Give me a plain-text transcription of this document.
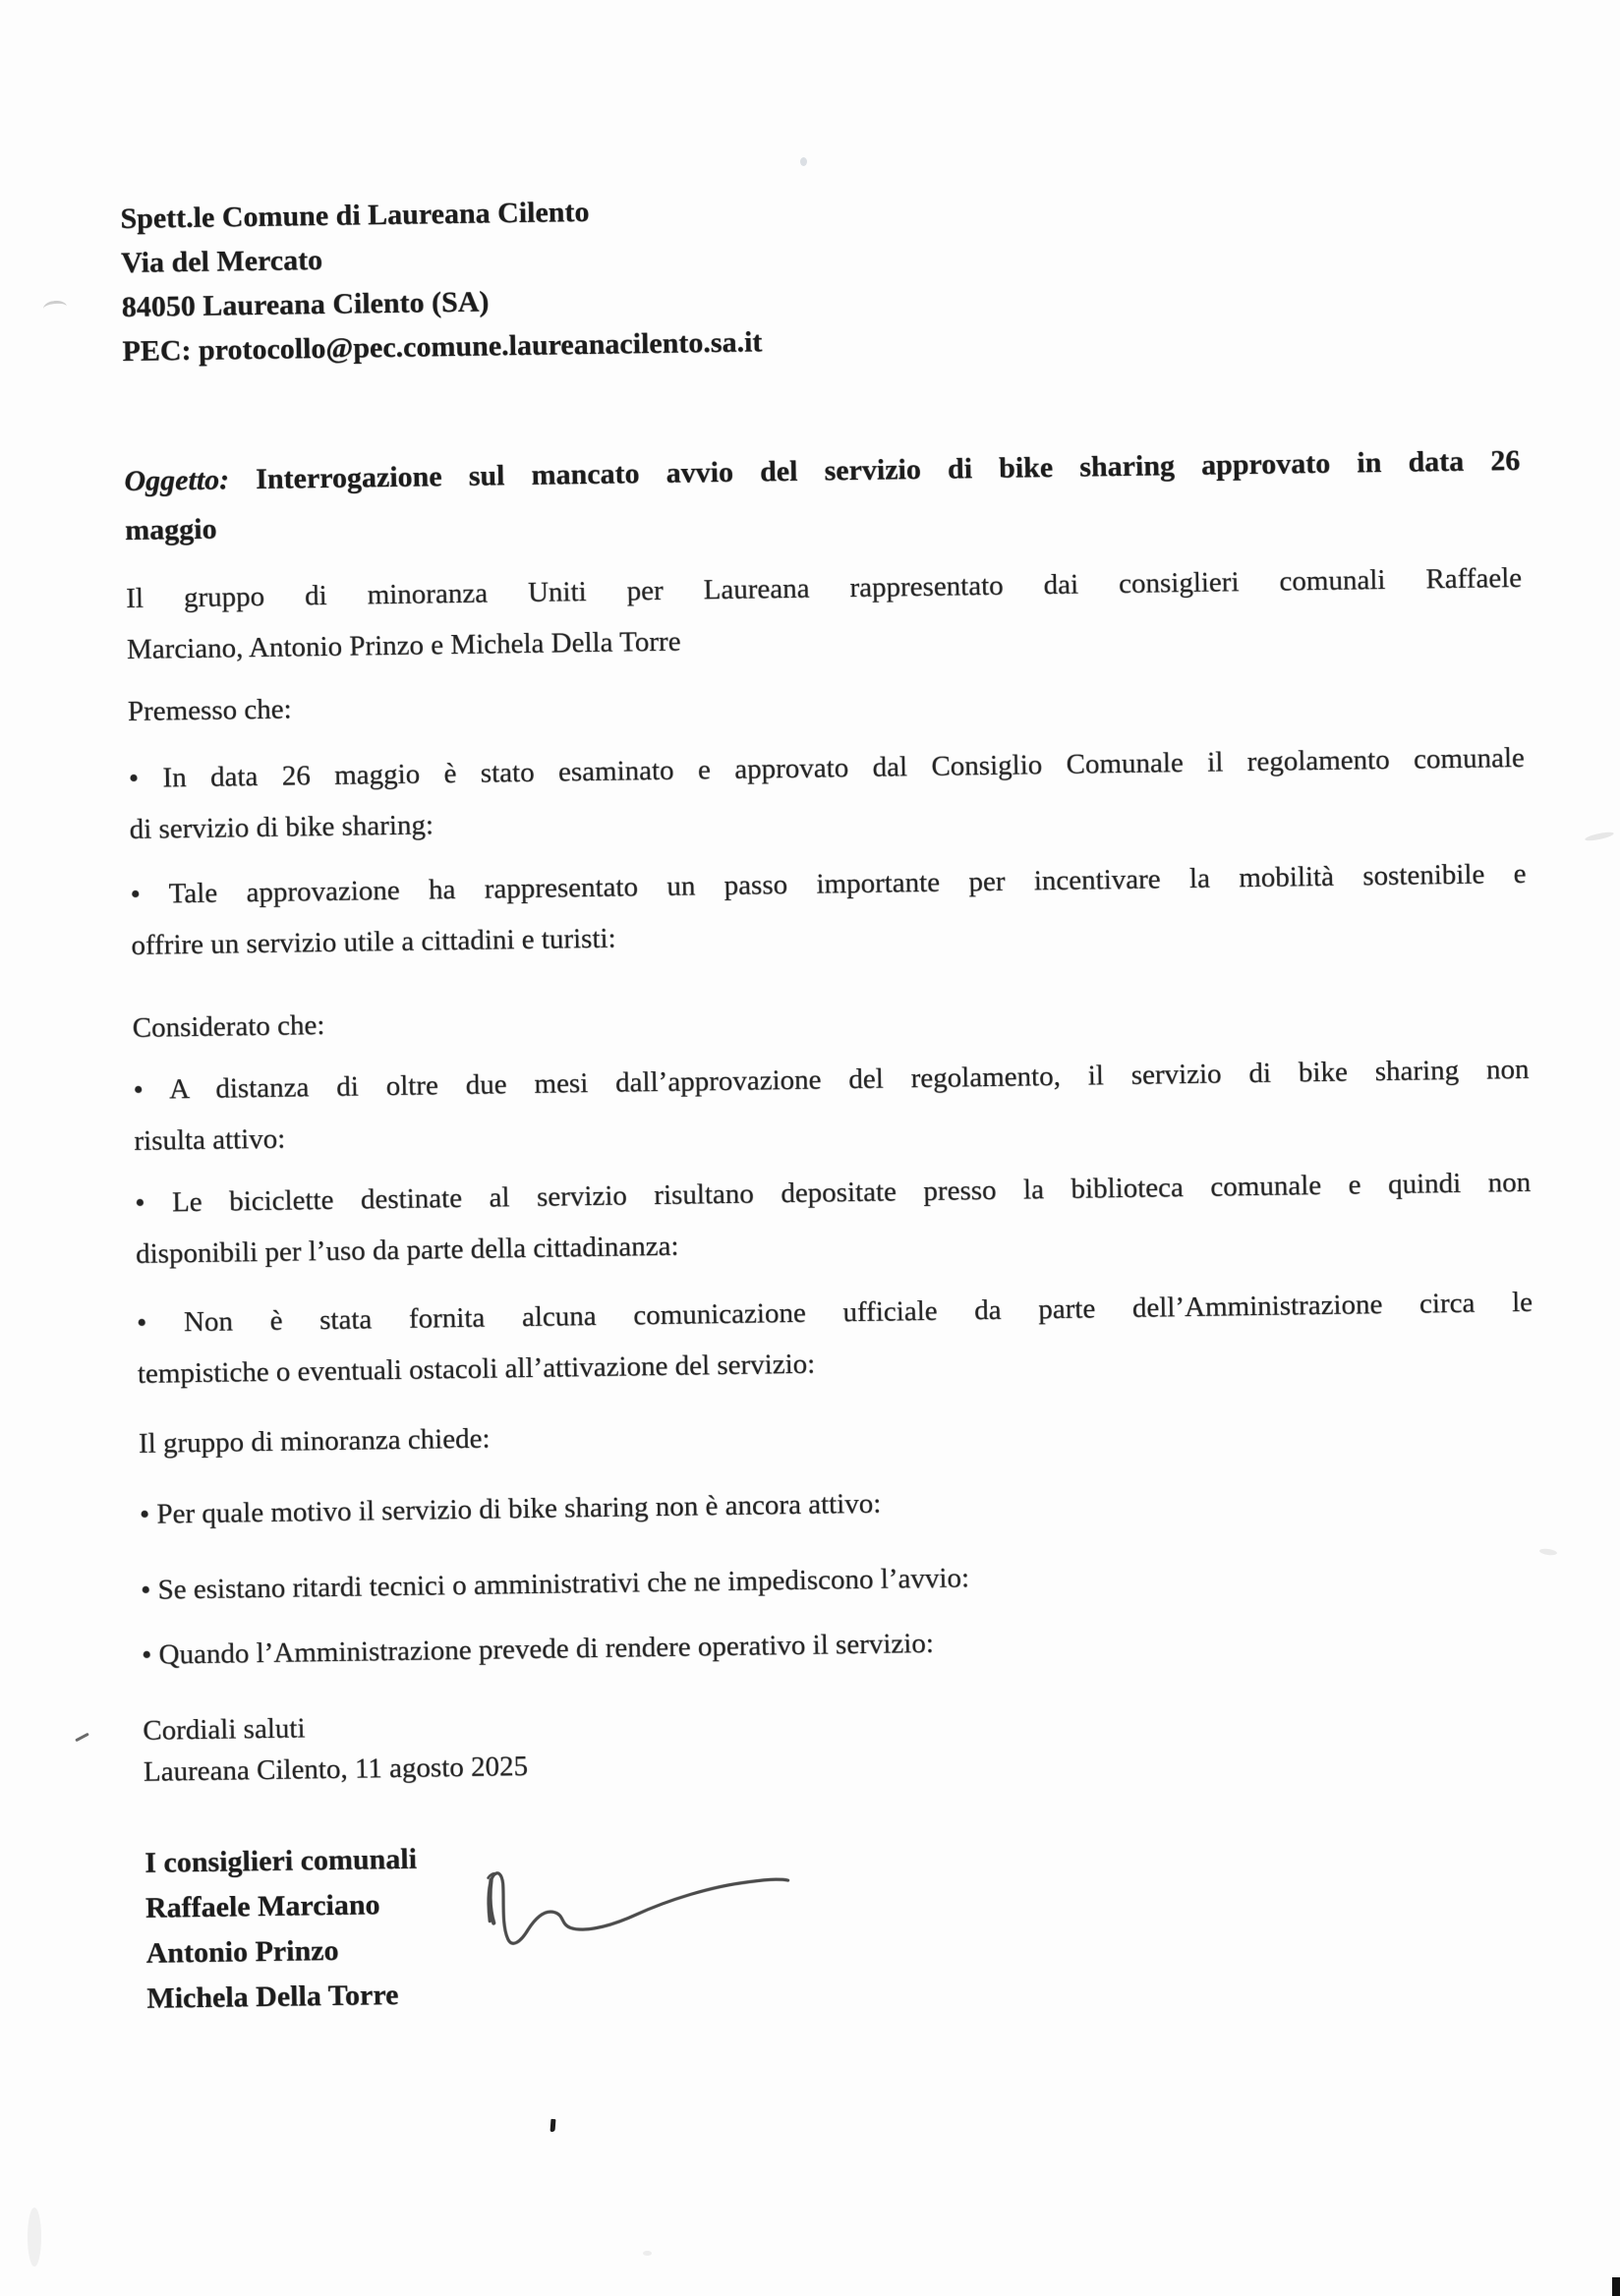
Spett.le Comune di Laureana Cilento
Via del Mercato
84050 Laureana Cilento (SA)
PEC: protocollo@pec.comune.laureanacilento.sa.it
Oggetto: Interrogazione sul mancato avvio del servizio di bike sharing approvato in data 26
maggio
Il gruppo di minoranza Uniti per Laureana rappresentato dai consiglieri comunali Raffaele
Marciano, Antonio Prinzo e Michela Della Torre
Premesso che:
• In data 26 maggio è stato esaminato e approvato dal Consiglio Comunale il regolamento comunale
di servizio di bike sharing:
• Tale approvazione ha rappresentato un passo importante per incentivare la mobilità sostenibile e
offrire un servizio utile a cittadini e turisti:
Considerato che:
• A distanza di oltre due mesi dall’approvazione del regolamento, il servizio di bike sharing non
risulta attivo:
• Le biciclette destinate al servizio risultano depositate presso la biblioteca comunale e quindi non
disponibili per l’uso da parte della cittadinanza:
• Non è stata fornita alcuna comunicazione ufficiale da parte dell’Amministrazione circa le
tempistiche o eventuali ostacoli all’attivazione del servizio:
Il gruppo di minoranza chiede:
• Per quale motivo il servizio di bike sharing non è ancora attivo:
• Se esistano ritardi tecnici o amministrativi che ne impediscono l’avvio:
• Quando l’Amministrazione prevede di rendere operativo il servizio:
Cordiali saluti
Laureana Cilento, 11 agosto 2025
I consiglieri comunali
Raffaele Marciano
Antonio Prinzo
Michela Della Torre
